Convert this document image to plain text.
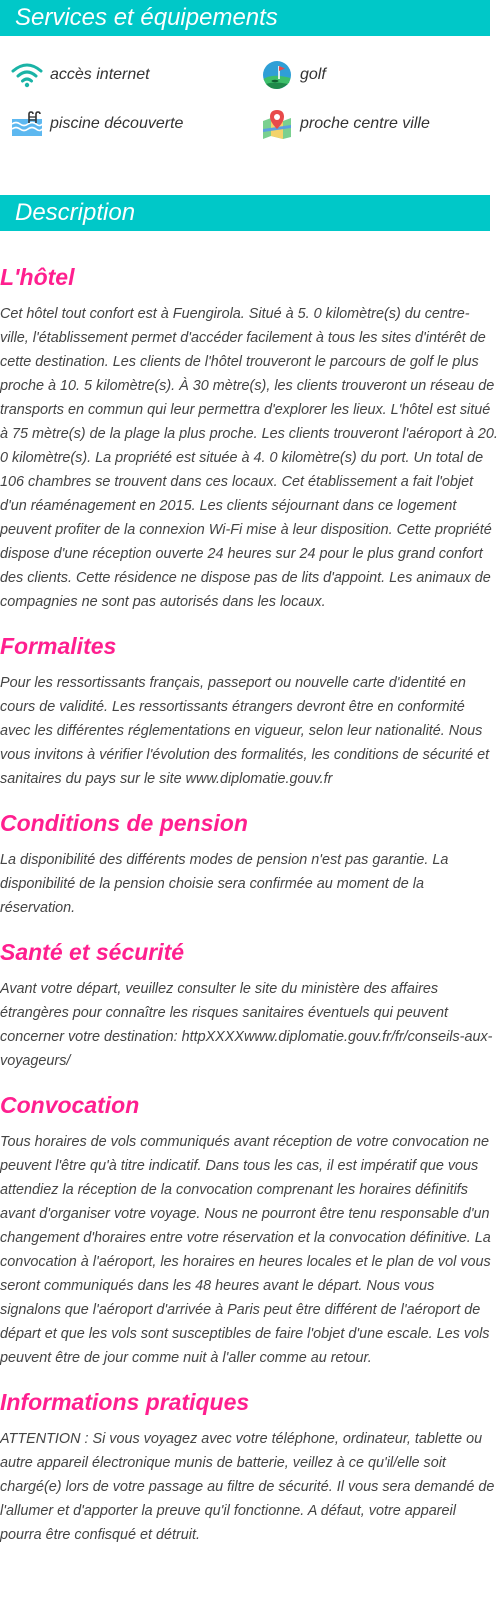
Services et équipements
accès internet	golf
piscine découverte	proche centre ville
Description
L'hôtel

Cet hôtel tout confort est à Fuengirola. Situé à 5. 0 kilomètre(s) du centre-ville, l'établissement permet d'accéder facilement à tous les sites d'intérêt de cette destination. Les clients de l'hôtel trouveront le parcours de golf le plus proche à 10. 5 kilomètre(s). À 30 mètre(s), les clients trouveront un réseau de transports en commun qui leur permettra d'explorer les lieux. L'hôtel est situé à 75 mètre(s) de la plage la plus proche. Les clients trouveront l'aéroport à 20. 0 kilomètre(s). La propriété est située à 4. 0 kilomètre(s) du port. Un total de 106 chambres se trouvent dans ces locaux. Cet établissement a fait l'objet d'un réaménagement en 2015. Les clients séjournant dans ce logement peuvent profiter de la connexion Wi-Fi mise à leur disposition. Cette propriété dispose d'une réception ouverte 24 heures sur 24 pour le plus grand confort des clients. Cette résidence ne dispose pas de lits d'appoint. Les animaux de compagnies ne sont pas autorisés dans les locaux.

Formalites

Pour les ressortissants français, passeport ou nouvelle carte d'identité en cours de validité. Les ressortissants étrangers devront être en conformité avec les différentes réglementations en vigueur, selon leur nationalité. Nous vous invitons à vérifier l'évolution des formalités, les conditions de sécurité et sanitaires du pays sur le site www.diplomatie.gouv.fr

Conditions de pension

La disponibilité des différents modes de pension n'est pas garantie. La disponibilité de la pension choisie sera confirmée au moment de la réservation.

Santé et sécurité

Avant votre départ, veuillez consulter le site du ministère des affaires étrangères pour connaître les risques sanitaires éventuels qui peuvent concerner votre destination: httpXXXXwww.diplomatie.gouv.fr/fr/conseils-aux-voyageurs/

Convocation

Tous horaires de vols communiqués avant réception de votre convocation ne peuvent l'être qu'à titre indicatif. Dans tous les cas, il est impératif que vous attendiez la réception de la convocation comprenant les horaires définitifs avant d'organiser votre voyage. Nous ne pourront être tenu responsable d'un changement d'horaires entre votre réservation et la convocation définitive. La convocation à l'aéroport, les horaires en heures locales et le plan de vol vous seront communiqués dans les 48 heures avant le départ. Nous vous signalons que l'aéroport d'arrivée à Paris peut être différent de l'aéroport de départ et que les vols sont susceptibles de faire l'objet d'une escale. Les vols peuvent être de jour comme nuit à l'aller comme au retour.

Informations pratiques

ATTENTION : Si vous voyagez avec votre téléphone, ordinateur, tablette ou autre appareil électronique munis de batterie, veillez à ce qu'il/elle soit chargé(e) lors de votre passage au filtre de sécurité. Il vous sera demandé de l'allumer et d'apporter la preuve qu'il fonctionne. A défaut, votre appareil pourra être confisqué et détruit.
